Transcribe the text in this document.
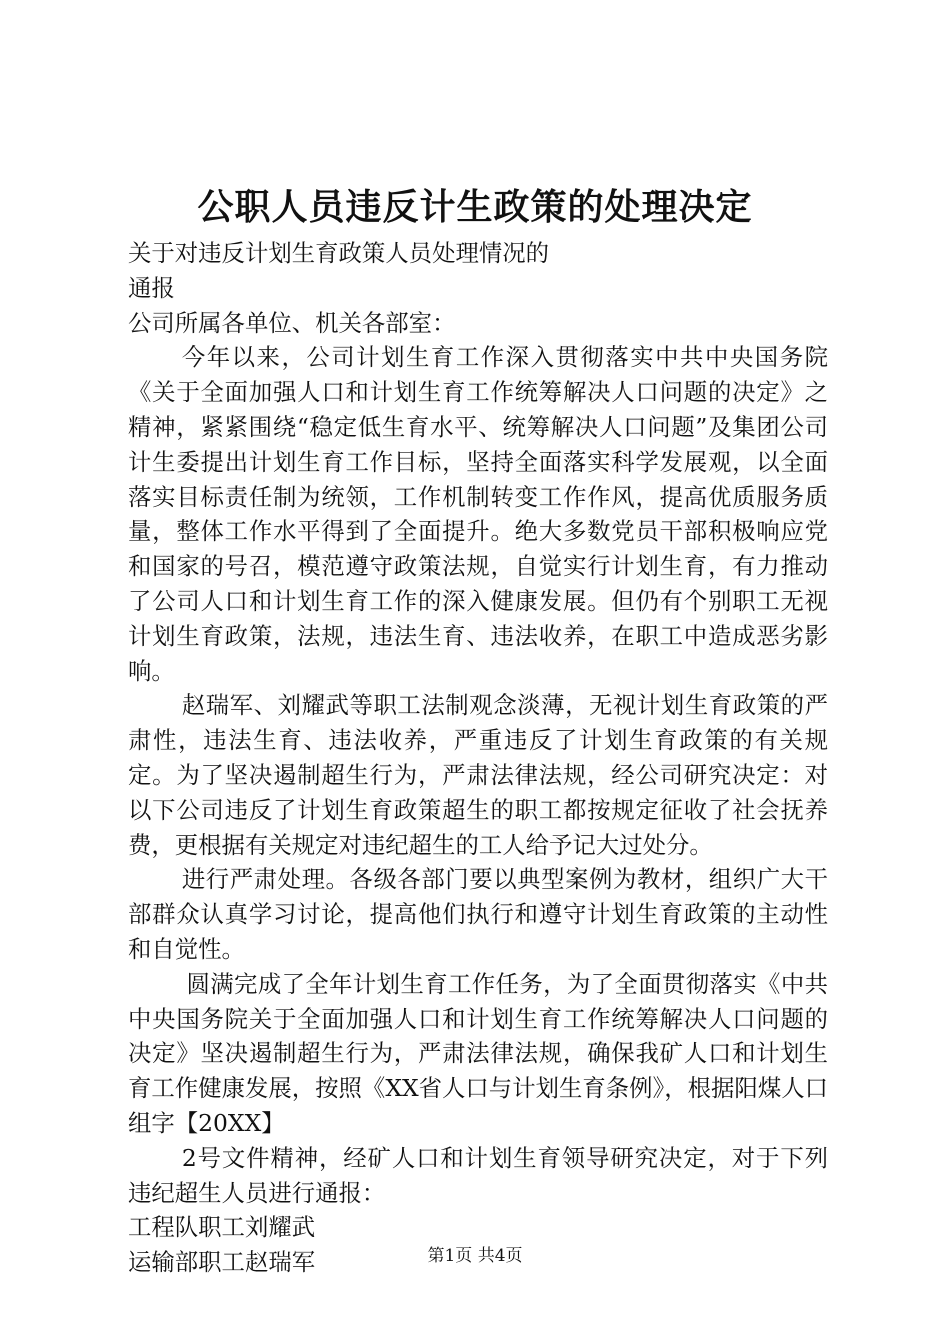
公职人员违反计生政策的处理决定

关于对违反计划生育政策人员处理情况的

通报

公司所属各单位、机关各部室：

今年以来，公司计划生育工作深入贯彻落实中共中央国务院《关于全面加强人口和计划生育工作统筹解决人口问题的决定》之精神，紧紧围绕“稳定低生育水平、统筹解决人口问题”及集团公司计生委提出计划生育工作目标，坚持全面落实科学发展观，以全面落实目标责任制为统领，工作机制转变工作作风，提高优质服务质量，整体工作水平得到了全面提升。绝大多数党员干部积极响应党和国家的号召，模范遵守政策法规，自觉实行计划生育，有力推动了公司人口和计划生育工作的深入健康发展。但仍有个别职工无视计划生育政策，法规，违法生育、违法收养，在职工中造成恶劣影响。

赵瑞军、刘耀武等职工法制观念淡薄，无视计划生育政策的严肃性，违法生育、违法收养，严重违反了计划生育政策的有关规定。为了坚决遏制超生行为，严肃法律法规，经公司研究决定：对以下公司违反了计划生育政策超生的职工都按规定征收了社会抚养费，更根据有关规定对违纪超生的工人给予记大过处分。

进行严肃处理。各级各部门要以典型案例为教材，组织广大干部群众认真学习讨论，提高他们执行和遵守计划生育政策的主动性和自觉性。

圆满完成了全年计划生育工作任务，为了全面贯彻落实《中共中央国务院关于全面加强人口和计划生育工作统筹解决人口问题的决定》坚决遏制超生行为，严肃法律法规，确保我矿人口和计划生育工作健康发展，按照《XX省人口与计划生育条例》，根据阳煤人口组字【20XX】

2号文件精神，经矿人口和计划生育领导研究决定，对于下列违纪超生人员进行通报：

工程队职工刘耀武

运输部职工赵瑞军	第1页 共4页
